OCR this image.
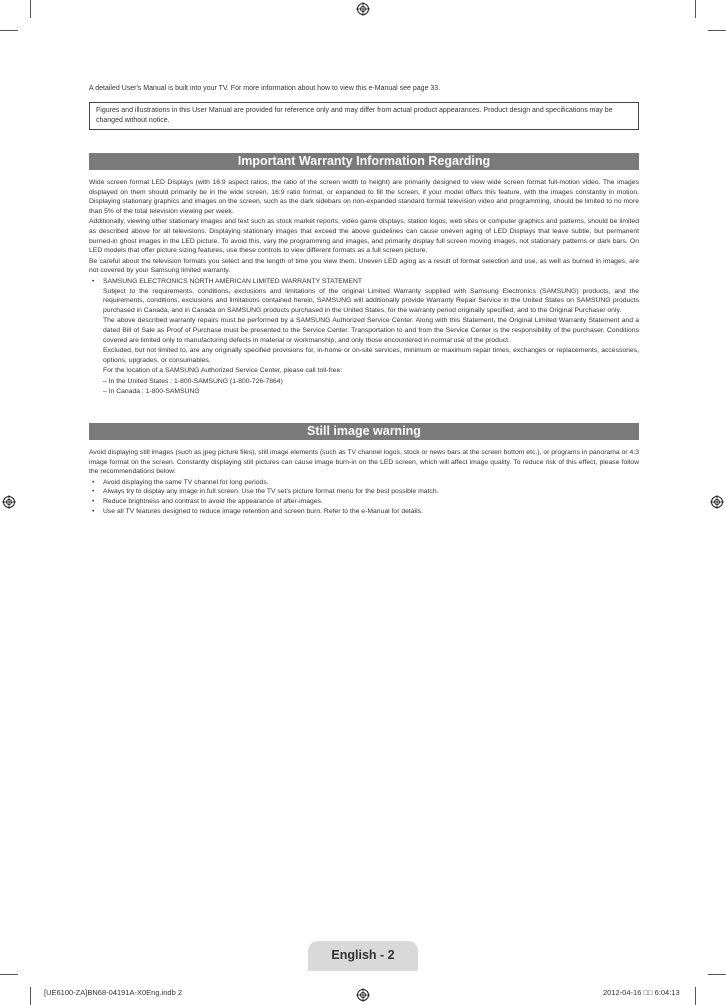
A detailed User's Manual is built into your TV. For more information about how to view this e-Manual see page 33.

Figures and illustrations in this User Manual are provided for reference only and may differ from actual product appearances. Product design and specifications may be changed without notice.
Important Warranty Information Regarding

Wide screen format LED Displays (with 16:9 aspect ratios, the ratio of the screen width to height) are primarily designed to view wide screen format full-motion video. The images displayed on them should primarily be in the wide screen, 16:9 ratio format, or expanded to fill the screen, if your model offers this feature, with the images constantly in motion. Displaying stationary graphics and images on the screen, such as the dark sidebars on non-expanded standard format television video and programming, should be limited to no more than 5% of the total television viewing per week.

Additionally, viewing other stationary images and text such as stock market reports, video game displays, station logos, web sites or computer graphics and patterns, should be limited as described above for all televisions. Displaying stationary images that exceed the above guidelines can cause uneven aging of LED Displays that leave subtle, but permanent burned-in ghost images in the LED picture. To avoid this, vary the programming and images, and primarily display full screen moving images, not stationary patterns or dark bars. On LED models that offer picture sizing features, use these controls to view different formats as a full screen picture.

Be careful about the television formats you select and the length of time you view them. Uneven LED aging as a result of format selection and use, as well as burned in images, are not covered by your Samsung limited warranty.

• SAMSUNG ELECTRONICS NORTH AMERICAN LIMITED WARRANTY STATEMENT

Subject to the requirements, conditions, exclusions and limitations of the original Limited Warranty supplied with Samsung Electronics (SAMSUNG) products, and the requirements, conditions, exclusions and limitations contained herein, SAMSUNG will additionally provide Warranty Repair Service in the United States on SAMSUNG products purchased in Canada, and in Canada on SAMSUNG products purchased in the United States, for the warranty period originally specified, and to the Original Purchaser only.

The above described warranty repairs must be performed by a SAMSUNG Authorized Service Center. Along with this Statement, the Original Limited Warranty Statement and a dated Bill of Sale as Proof of Purchase must be presented to the Service Center. Transportation to and from the Service Center is the responsibility of the purchaser. Conditions covered are limited only to manufacturing defects in material or workmanship, and only those encountered in normal use of the product.

Excluded, but not limited to, are any originally specified provisions for, in-home or on-site services, minimum or maximum repair times, exchanges or replacements, accessories, options, upgrades, or consumables.

For the location of a SAMSUNG Authorized Service Center, please call toll-free:

– In the United States : 1-800-SAMSUNG (1-800-726-7864)

– In Canada : 1-800-SAMSUNG

Still image warning

Avoid displaying still images (such as jpeg picture files), still image elements (such as TV channel logos, stock or news bars at the screen bottom etc.), or programs in panorama or 4:3 image format on the screen. Constantly displaying still pictures can cause image burn-in on the LED screen, which will affect image quality. To reduce risk of this effect, please follow the recommendations below:

• Avoid displaying the same TV channel for long periods.
• Always try to display any image in full screen. Use the TV set's picture format menu for the best possible match.
• Reduce brightness and contrast to avoid the appearance of after-images.
• Use all TV features designed to reduce image retention and screen burn. Refer to the e-Manual for details.
English - 2
[UE6100-ZA]BN68-04191A-X0Eng.indb 2	2012-04-16 □□ 6:04:13
